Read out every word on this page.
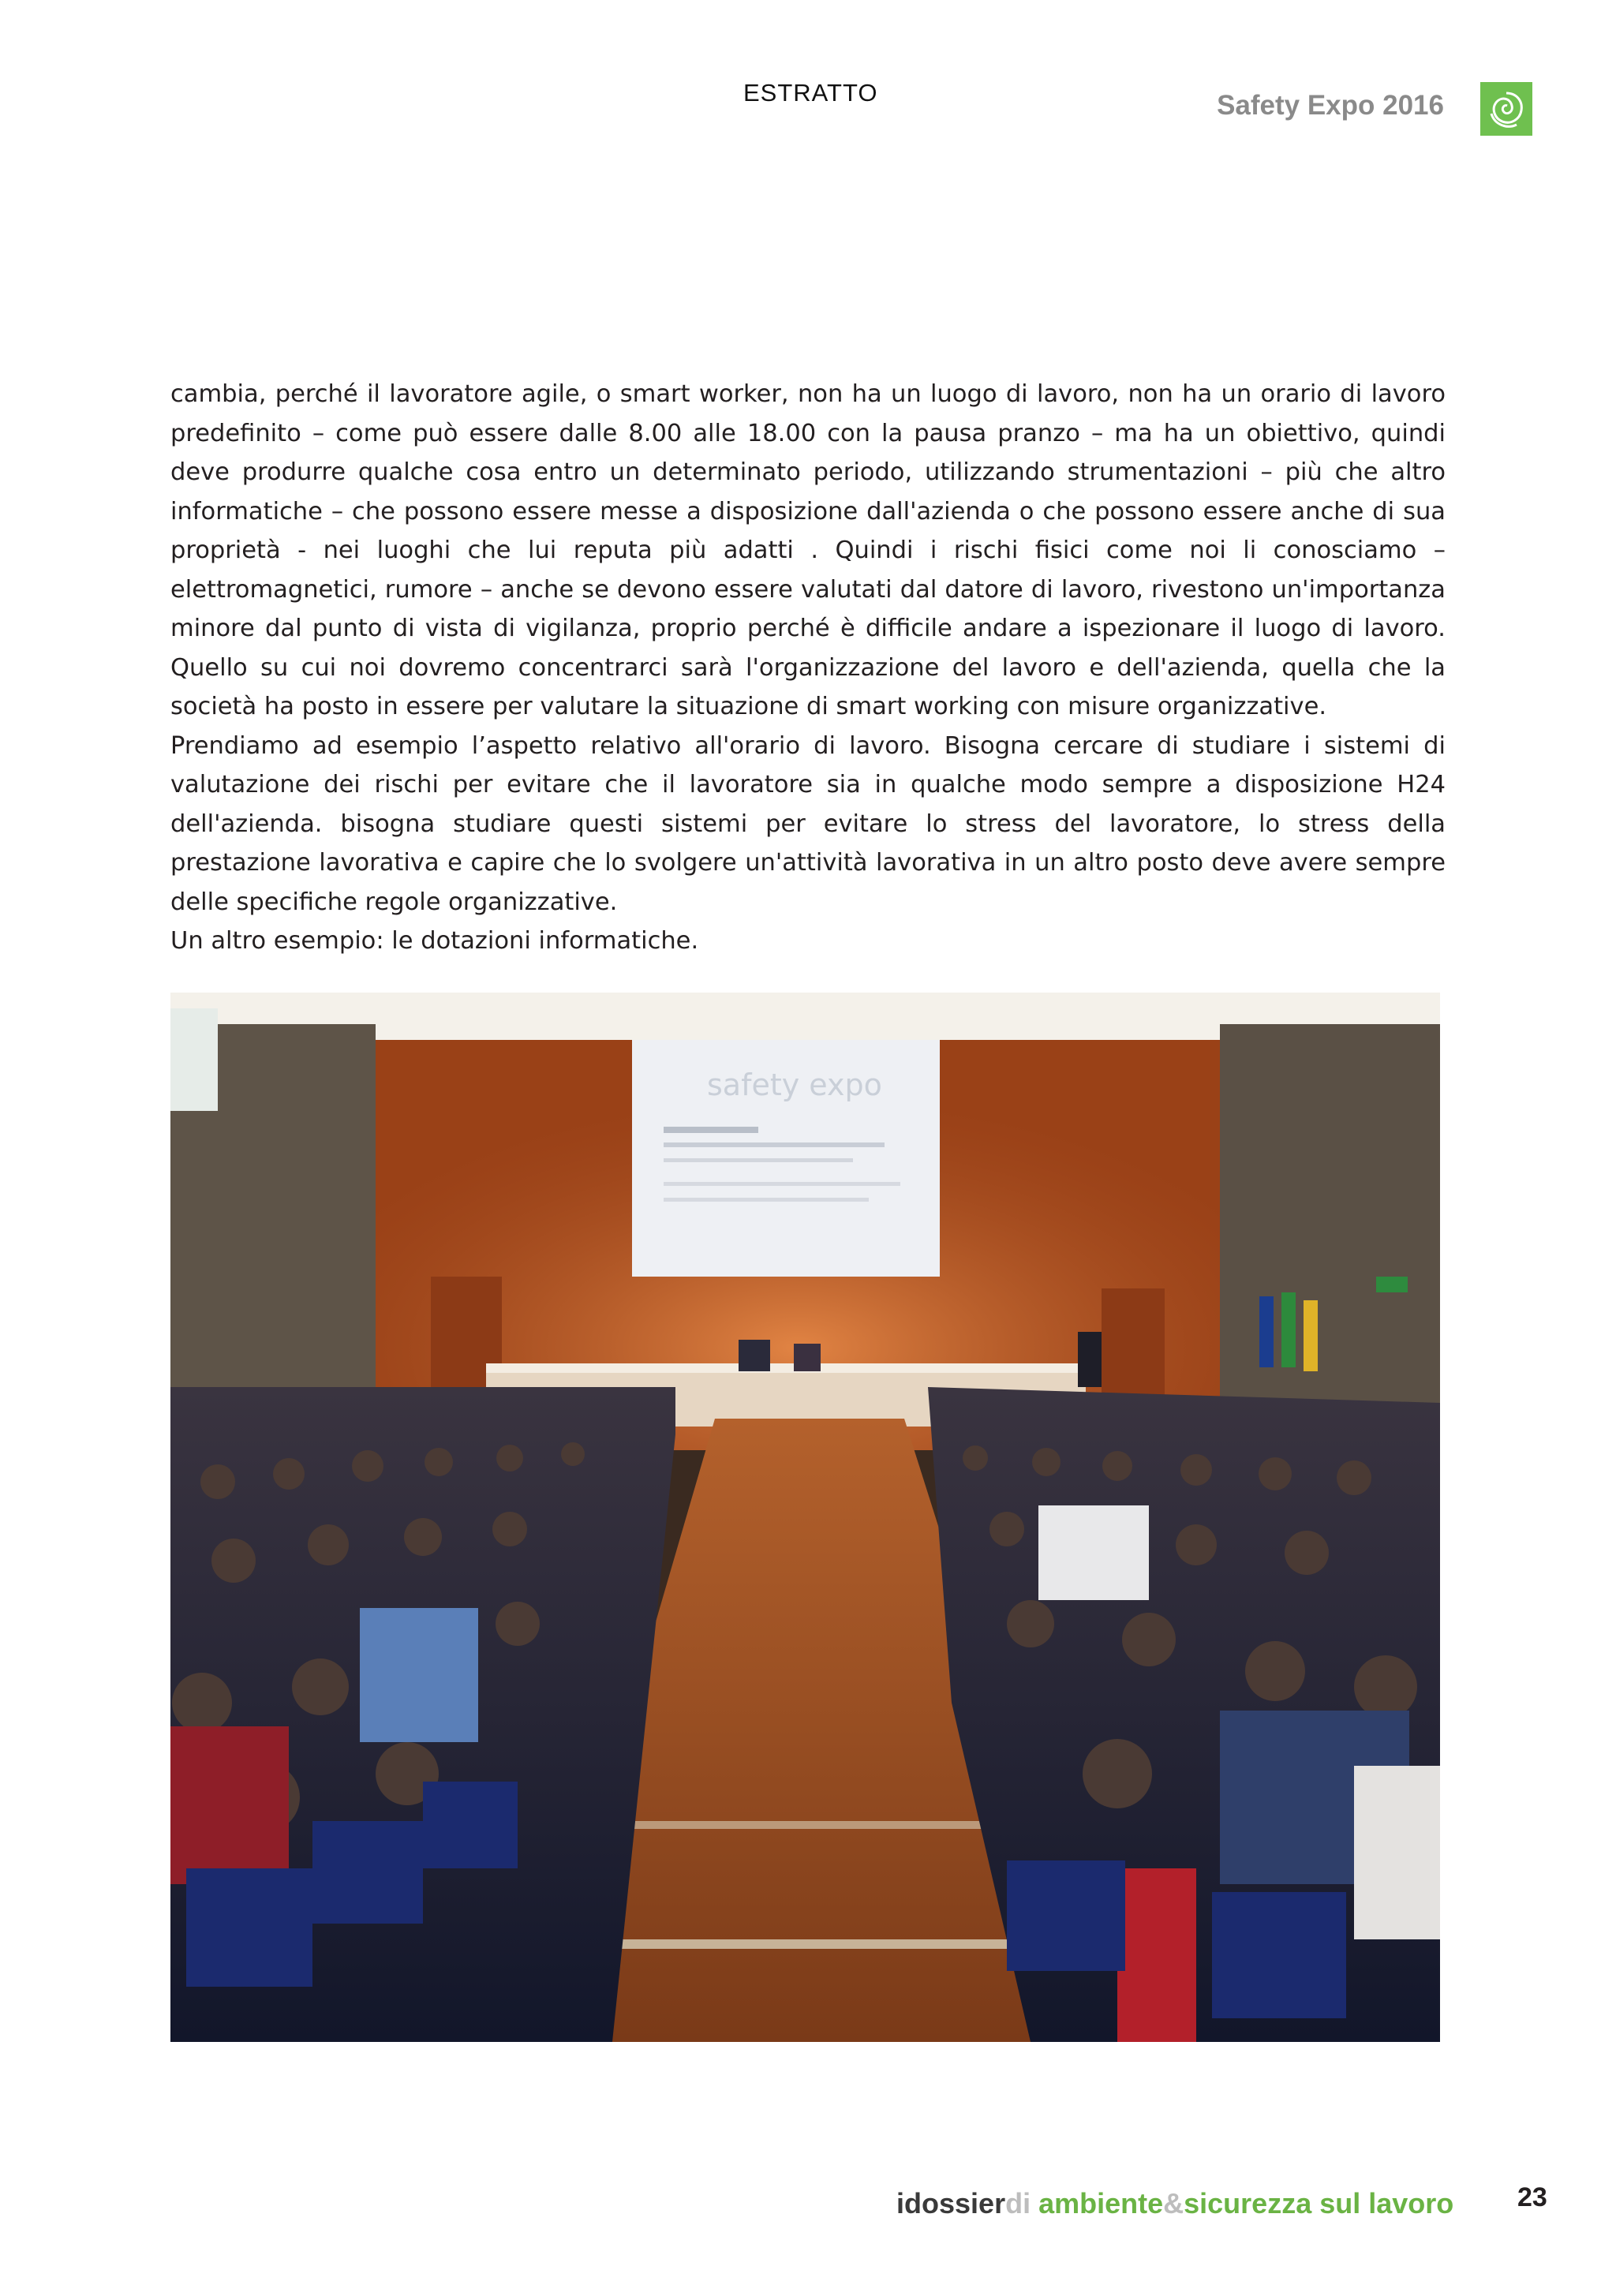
ESTRATTO	Safety Expo 2016

cambia, perché il lavoratore agile, o smart worker, non ha un luogo di lavoro, non ha un orario di lavoro predefinito – come può essere dalle 8.00 alle 18.00 con la pausa pranzo – ma ha un obiettivo, quindi deve produrre qualche cosa entro un determinato periodo, utilizzando strumentazioni – più che altro informatiche – che possono essere messe a disposizione dall'azienda o che possono essere anche di sua proprietà - nei luoghi che lui reputa più adatti . Quindi i rischi fisici come noi li conosciamo – elettromagnetici, rumore – anche se devono essere valutati dal datore di lavoro, rivestono un'importanza minore dal punto di vista di vigilanza, proprio perché è difficile andare a ispezionare il luogo di lavoro. Quello su cui noi dovremo concentrarci sarà l'organizzazione del lavoro e dell'azienda, quella che la società ha posto in essere per valutare la situazione di smart working con misure organizzative.

Prendiamo ad esempio l’aspetto relativo all'orario di lavoro. Bisogna cercare di studiare i sistemi di valutazione dei rischi per evitare che il lavoratore sia in qualche modo sempre a disposizione H24 dell'azienda. bisogna studiare questi sistemi per evitare lo stress del lavoratore, lo stress della prestazione lavorativa e capire che lo svolgere un'attività lavorativa in un altro posto deve avere sempre delle specifiche regole organizzative.

Un altro esempio: le dotazioni informatiche.

safety expo
idossierdi ambiente&sicurezza sul lavoro 23
